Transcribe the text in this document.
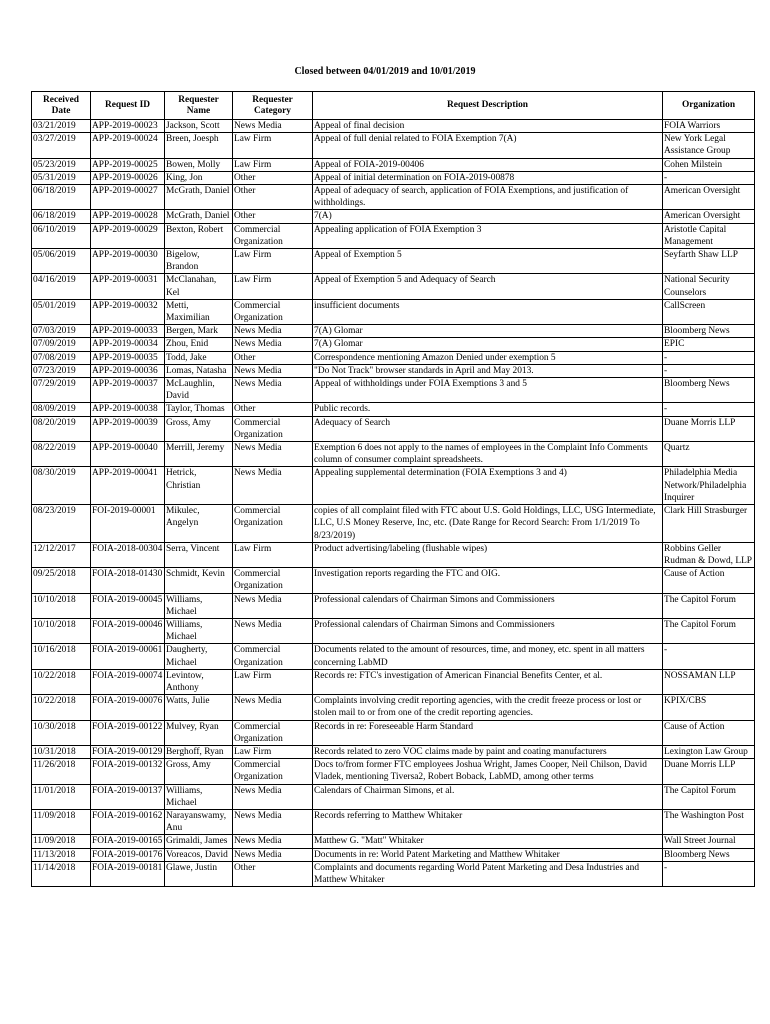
Closed between 04/01/2019 and 10/01/2019
Received Date	Request ID	Requester Name	Requester Category	Request Description	Organization
03/21/2019	APP-2019-00023	Jackson, Scott	News Media	Appeal of final decision	FOIA Warriors
03/27/2019	APP-2019-00024	Breen, Joesph	Law Firm	Appeal of full denial related to FOIA Exemption 7(A)	New York Legal Assistance Group
05/23/2019	APP-2019-00025	Bowen, Molly	Law Firm	Appeal of FOIA-2019-00406	Cohen Milstein
05/31/2019	APP-2019-00026	King, Jon	Other	Appeal of initial determination on FOIA-2019-00878	-
06/18/2019	APP-2019-00027	McGrath, Daniel	Other	Appeal of adequacy of search, application of FOIA Exemptions, and justification of withholdings.	American Oversight
06/18/2019	APP-2019-00028	McGrath, Daniel	Other	7(A)	American Oversight
06/10/2019	APP-2019-00029	Bexton, Robert	Commercial Organization	Appealing application of FOIA Exemption 3	Aristotle Capital Management
05/06/2019	APP-2019-00030	Bigelow, Brandon	Law Firm	Appeal of Exemption 5	Seyfarth Shaw LLP
04/16/2019	APP-2019-00031	McClanahan, Kel	Law Firm	Appeal of Exemption 5 and Adequacy of Search	National Security Counselors
05/01/2019	APP-2019-00032	Metti, Maximilian	Commercial Organization	insufficient documents	CallScreen
07/03/2019	APP-2019-00033	Bergen, Mark	News Media	7(A) Glomar	Bloomberg News
07/09/2019	APP-2019-00034	Zhou, Enid	News Media	7(A) Glomar	EPIC
07/08/2019	APP-2019-00035	Todd, Jake	Other	Correspondence mentioning Amazon Denied under exemption 5	-
07/23/2019	APP-2019-00036	Lomas, Natasha	News Media	"Do Not Track" browser standards in April and May 2013.	-
07/29/2019	APP-2019-00037	McLaughlin, David	News Media	Appeal of withholdings under FOIA Exemptions 3 and 5	Bloomberg News
08/09/2019	APP-2019-00038	Taylor, Thomas	Other	Public records.	-
08/20/2019	APP-2019-00039	Gross, Amy	Commercial Organization	Adequacy of Search	Duane Morris LLP
08/22/2019	APP-2019-00040	Merrill, Jeremy	News Media	Exemption 6 does not apply to the names of employees in the Complaint Info Comments column of consumer complaint spreadsheets.	Quartz
08/30/2019	APP-2019-00041	Hetrick, Christian	News Media	Appealing supplemental determination (FOIA Exemptions 3 and 4)	Philadelphia Media Network/Philadelphia Inquirer
08/23/2019	FOI-2019-00001	Mikulec, Angelyn	Commercial Organization	copies of all complaint filed with FTC about U.S. Gold Holdings, LLC, USG Intermediate, LLC, U.S Money Reserve, Inc, etc. (Date Range for Record Search: From 1/1/2019 To 8/23/2019)	Clark Hill Strasburger
12/12/2017	FOIA-2018-00304	Serra, Vincent	Law Firm	Product advertising/labeling (flushable wipes)	Robbins Geller Rudman & Dowd, LLP
09/25/2018	FOIA-2018-01430	Schmidt, Kevin	Commercial Organization	Investigation reports regarding the FTC and OIG.	Cause of Action
10/10/2018	FOIA-2019-00045	Williams, Michael	News Media	Professional calendars of Chairman Simons and Commissioners	The Capitol Forum
10/10/2018	FOIA-2019-00046	Williams, Michael	News Media	Professional calendars of Chairman Simons and Commissioners	The Capitol Forum
10/16/2018	FOIA-2019-00061	Daugherty, Michael	Commercial Organization	Documents related to the amount of resources, time, and money, etc. spent in all matters concerning LabMD	-
10/22/2018	FOIA-2019-00074	Levintow, Anthony	Law Firm	Records re: FTC's investigation of American Financial Benefits Center, et al.	NOSSAMAN LLP
10/22/2018	FOIA-2019-00076	Watts, Julie	News Media	Complaints involving credit reporting agencies, with the credit freeze process or lost or stolen mail to or from one of the credit reporting agencies.	KPIX/CBS
10/30/2018	FOIA-2019-00122	Mulvey, Ryan	Commercial Organization	Records in re: Foreseeable Harm Standard	Cause of Action
10/31/2018	FOIA-2019-00129	Berghoff, Ryan	Law Firm	Records related to zero VOC claims made by paint and coating manufacturers	Lexington Law Group
11/26/2018	FOIA-2019-00132	Gross, Amy	Commercial Organization	Docs to/from former FTC employees Joshua Wright, James Cooper, Neil Chilson, David Vladek, mentioning Tiversa2, Robert Boback, LabMD, among other terms	Duane Morris LLP
11/01/2018	FOIA-2019-00137	Williams, Michael	News Media	Calendars of Chairman Simons, et al.	The Capitol Forum
11/09/2018	FOIA-2019-00162	Narayanswamy, Anu	News Media	Records referring to Matthew Whitaker	The Washington Post
11/09/2018	FOIA-2019-00165	Grimaldi, James	News Media	Matthew G. "Matt" Whitaker	Wall Street Journal
11/13/2018	FOIA-2019-00176	Voreacos, David	News Media	Documents in re: World Patent Marketing and Matthew Whitaker	Bloomberg News
11/14/2018	FOIA-2019-00181	Glawe, Justin	Other	Complaints and documents regarding World Patent Marketing and Desa Industries and Matthew Whitaker	-
